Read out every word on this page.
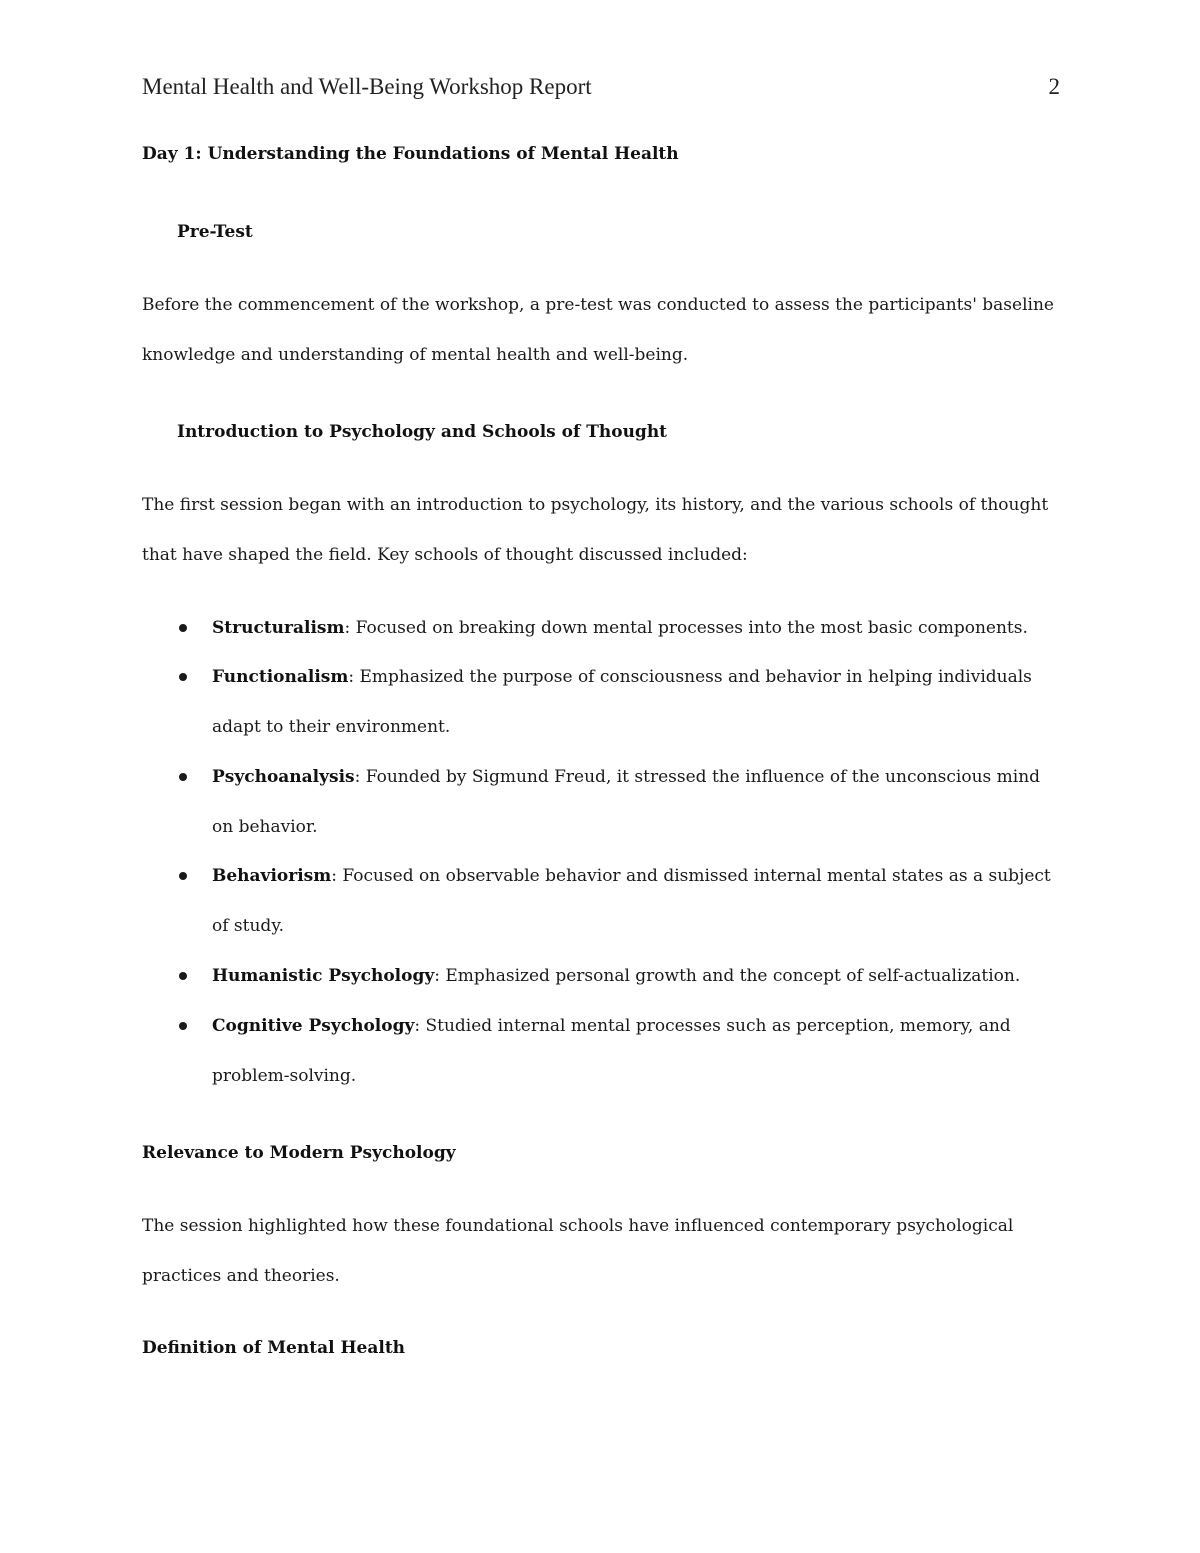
Mental Health and Well-Being Workshop Report	2
Day 1: Understanding the Foundations of Mental Health
Pre-Test
Before the commencement of the workshop, a pre-test was conducted to assess the participants' baseline
knowledge and understanding of mental health and well-being.
Introduction to Psychology and Schools of Thought
The first session began with an introduction to psychology, its history, and the various schools of thought
that have shaped the field. Key schools of thought discussed included:
Structuralism: Focused on breaking down mental processes into the most basic components.
Functionalism: Emphasized the purpose of consciousness and behavior in helping individuals
adapt to their environment.
Psychoanalysis: Founded by Sigmund Freud, it stressed the influence of the unconscious mind
on behavior.
Behaviorism: Focused on observable behavior and dismissed internal mental states as a subject
of study.
Humanistic Psychology: Emphasized personal growth and the concept of self-actualization.
Cognitive Psychology: Studied internal mental processes such as perception, memory, and
problem-solving.
Relevance to Modern Psychology
The session highlighted how these foundational schools have influenced contemporary psychological
practices and theories.
Definition of Mental Health
